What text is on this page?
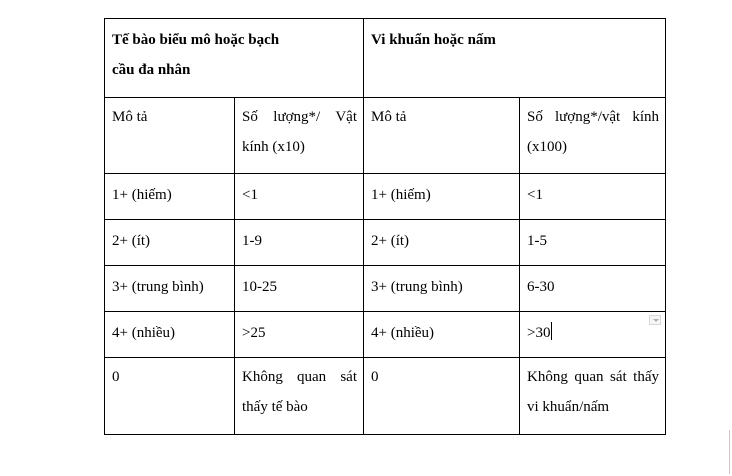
Tế bào biểu mô hoặc bạch cầu đa nhân		Vi khuẩn hoặc nấm	
Mô tả	Số lượng*/ Vật kính (x10)	Mô tả	Số lượng*/vật kính (x100)

1+ (hiếm)	<1	1+ (hiếm)	<1
2+ (ít)	1-9	2+ (ít)	1-5
3+ (trung bình)	10-25	3+ (trung bình)	6-30
4+ (nhiều)	>25	4+ (nhiều)	>30
0	Không quan sát thấy tế bào	0	Không quan sát thấy vi khuẩn/nấm
